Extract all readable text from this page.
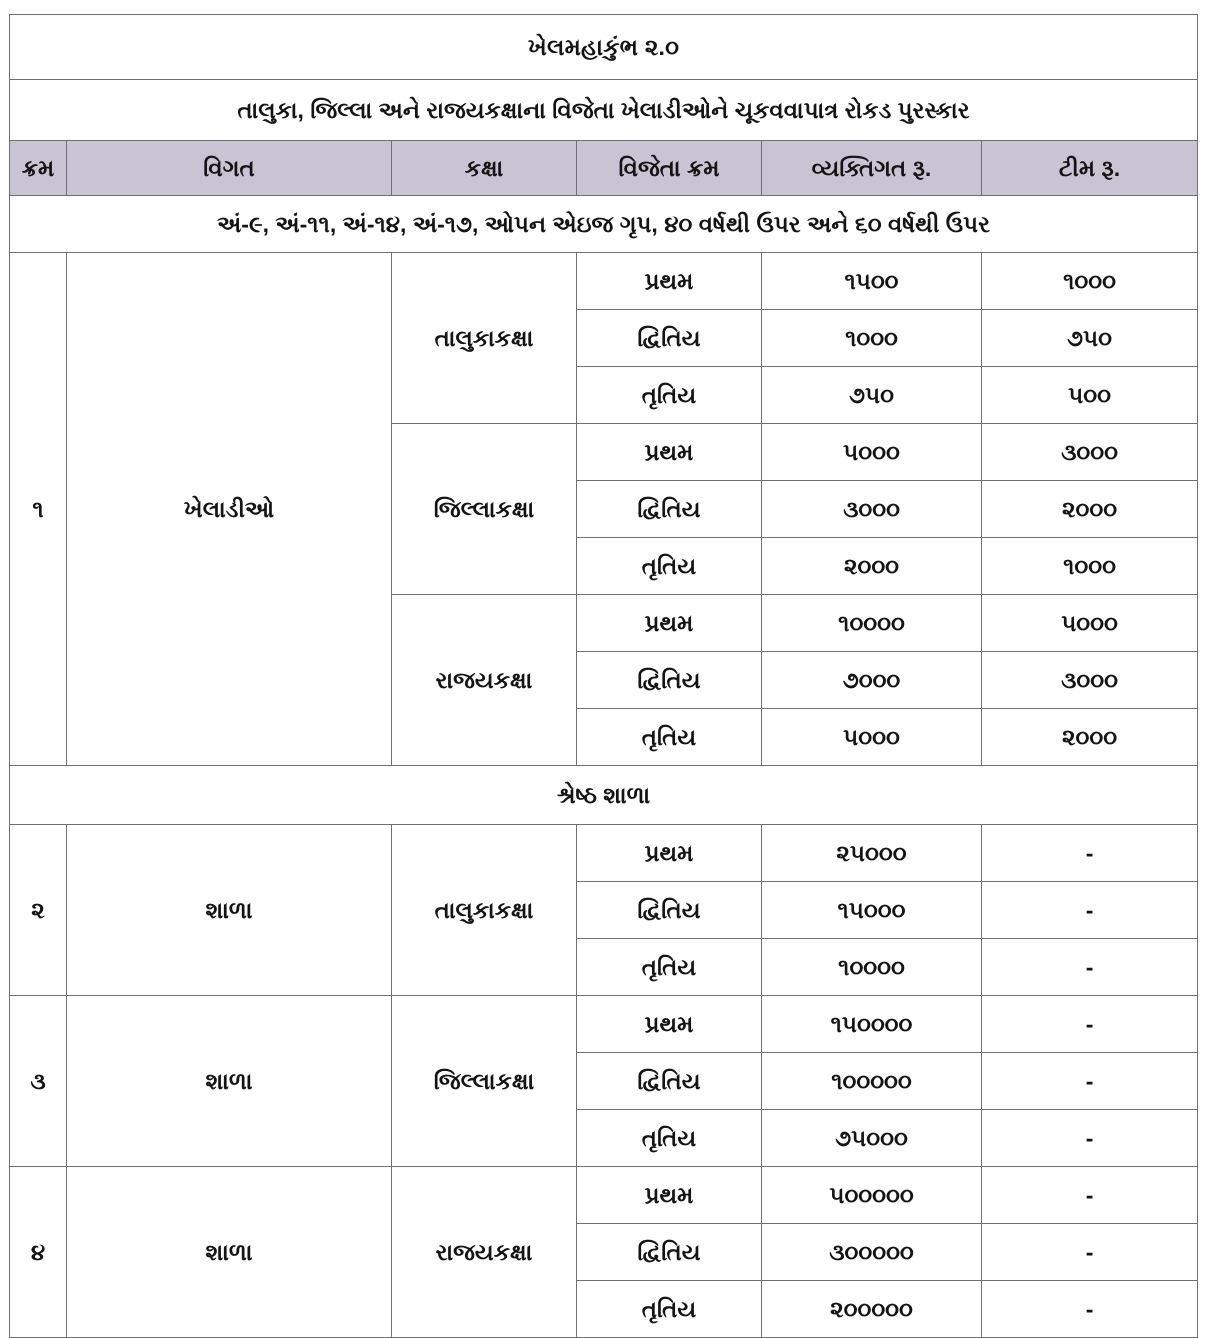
ખેલમહાકુંભ ૨.૦					
તાલુકા, જિલ્લા અને રાજયકક્ષાના વિજેતા ખેલાડીઓને ચૂકવવાપાત્ર રોકડ પુરસ્કાર					
ક્રમ	વિગત	કક્ષા	વિજેતા ક્રમ	વ્યક્તિગત રૂ.	ટીમ રૂ.
અં-૯, અં-૧૧, અં-૧૪, અં-૧૭, ઓપન એઇજ ગૃપ, ૪૦ વર્ષથી ઉપર અને ૬૦ વર્ષથી ઉપર					
૧	ખેલાડીઓ	તાલુકાકક્ષા	પ્રથમ	૧૫૦૦	૧૦૦૦
			દ્વિતિય	૧૦૦૦	૭૫૦
			તૃતિય	૭૫૦	૫૦૦
		જિલ્લાકક્ષા	પ્રથમ	૫૦૦૦	૩૦૦૦
			દ્વિતિય	૩૦૦૦	૨૦૦૦
			તૃતિય	૨૦૦૦	૧૦૦૦
		રાજયકક્ષા	પ્રથમ	૧૦૦૦૦	૫૦૦૦
			દ્વિતિય	૭૦૦૦	૩૦૦૦
			તૃતિય	૫૦૦૦	૨૦૦૦
શ્રેષ્ઠ શાળા					
૨	શાળા	તાલુકાકક્ષા	પ્રથમ	૨૫૦૦૦	-
			દ્વિતિય	૧૫૦૦૦	-
			તૃતિય	૧૦૦૦૦	-
૩	શાળા	જિલ્લાકક્ષા	પ્રથમ	૧૫૦૦૦૦	-
			દ્વિતિય	૧૦૦૦૦૦	-
			તૃતિય	૭૫૦૦૦	-
૪	શાળા	રાજયકક્ષા	પ્રથમ	૫૦૦૦૦૦	-
			દ્વિતિય	૩૦૦૦૦૦	-
			તૃતિય	૨૦૦૦૦૦	-
